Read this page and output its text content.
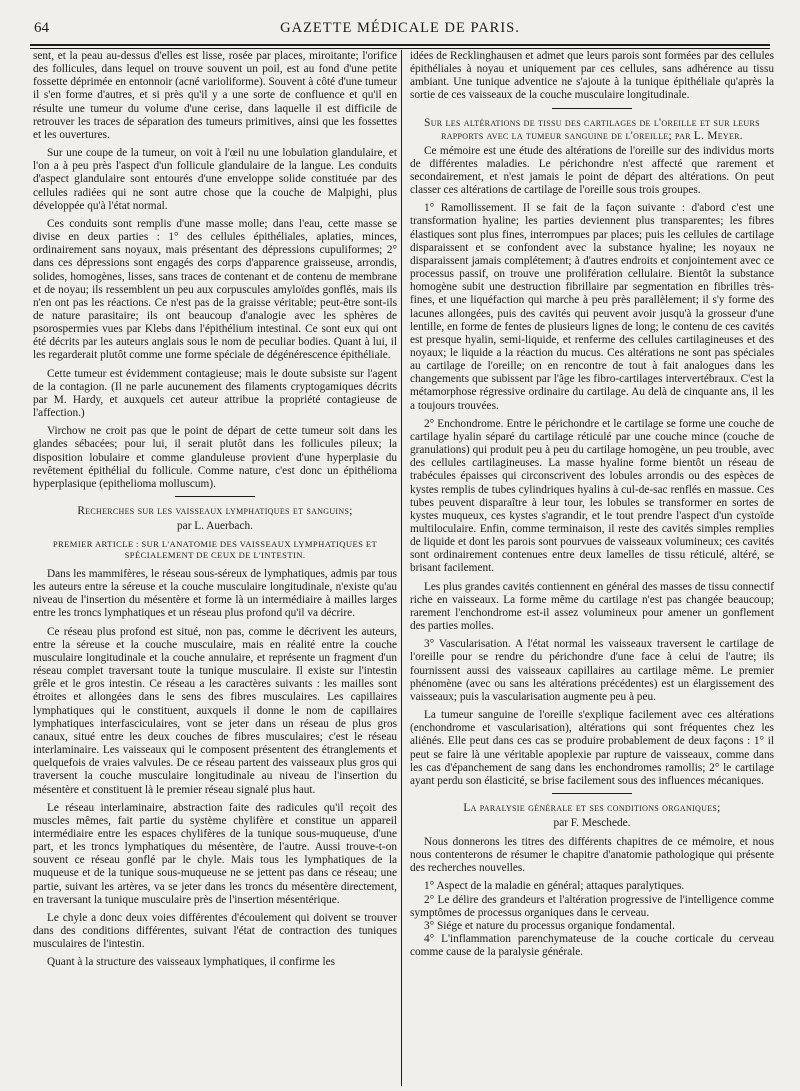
64	GAZETTE MÉDICALE DE PARIS.

sent, et la peau au-dessus d'elles est lisse, rosée par places, miroitante; l'orifice des follicules, dans lequel on trouve souvent un poil, est au fond d'une petite fossette déprimée en entonnoir (acné varioliforme). Souvent à côté d'une tumeur il s'en forme d'autres, et si près qu'il y a une sorte de confluence et qu'il en résulte une tumeur du volume d'une cerise, dans laquelle il est difficile de retrouver les traces de séparation des tumeurs primitives, ainsi que les fossettes et les ouvertures.

Sur une coupe de la tumeur, on voit à l'œil nu une lobulation glandulaire, et l'on a à peu près l'aspect d'un follicule glandulaire de la langue. Les conduits d'aspect glandulaire sont entourés d'une enveloppe solide constituée par des cellules radiées qui ne sont autre chose que la couche de Malpighi, plus développée qu'à l'état normal.

Ces conduits sont remplis d'une masse molle; dans l'eau, cette masse se divise en deux parties : 1° des cellules épithéliales, aplaties, minces, ordinairement sans noyaux, mais présentant des dépressions cupuliformes; 2° dans ces dépressions sont engagés des corps d'apparence graisseuse, arrondis, solides, homogènes, lisses, sans traces de contenant et de contenu de membrane et de noyau; ils ressemblent un peu aux corpuscules amyloïdes gonflés, mais ils n'en ont pas les réactions. Ce n'est pas de la graisse véritable; peut-être sont-ils de nature parasitaire; ils ont beaucoup d'analogie avec les sphères de psorospermies vues par Klebs dans l'épithélium intestinal. Ce sont eux qui ont été décrits par les auteurs anglais sous le nom de peculiar bodies. Quant à lui, il les regarderait plutôt comme une forme spéciale de dégénérescence épithéliale.

Cette tumeur est évidemment contagieuse; mais le doute subsiste sur l'agent de la contagion. (Il ne parle aucunement des filaments cryptogamiques décrits par M. Hardy, et auxquels cet auteur attribue la propriété contagieuse de l'affection.)

Virchow ne croit pas que le point de départ de cette tumeur soit dans les glandes sébacées; pour lui, il serait plutôt dans les follicules pileux; la disposition lobulaire et comme glanduleuse provient d'une hyperplasie du revêtement épithélial du follicule. Comme nature, c'est donc un épithélioma hyperplasique (epithelioma molluscum).

Recherches sur les vaisseaux lymphatiques et sanguins;
par L. Auerbach.
PREMIER ARTICLE : SUR L'ANATOMIE DES VAISSEAUX LYMPHATIQUES ET SPÉCIALEMENT DE CEUX DE L'INTESTIN.

Dans les mammifères, le réseau sous-séreux de lymphatiques, admis par tous les auteurs entre la séreuse et la couche musculaire longitudinale, n'existe qu'au niveau de l'insertion du mésentère et forme là un intermédiaire à mailles larges entre les troncs lymphatiques et un réseau plus profond qu'il va décrire.

Ce réseau plus profond est situé, non pas, comme le décrivent les auteurs, entre la séreuse et la couche musculaire, mais en réalité entre la couche musculaire longitudinale et la couche annulaire, et représente un fragment d'un réseau complet traversant toute la tunique musculaire. Il existe sur l'intestin grêle et le gros intestin. Ce réseau a les caractères suivants : les mailles sont étroites et allongées dans le sens des fibres musculaires. Les capillaires lymphatiques qui le constituent, auxquels il donne le nom de capillaires lymphatiques interfasciculaires, vont se jeter dans un réseau de plus gros canaux, situé entre les deux couches de fibres musculaires; c'est le réseau interlaminaire. Les vaisseaux qui le composent présentent des étranglements et quelquefois de vraies valvules. De ce réseau partent des vaisseaux plus gros qui traversent la couche musculaire longitudinale au niveau de l'insertion du mésentère et constituent là le premier réseau signalé plus haut.

Le réseau interlaminaire, abstraction faite des radicules qu'il reçoit des muscles mêmes, fait partie du système chylifère et constitue un appareil intermédiaire entre les espaces chylifères de la tunique sous-muqueuse, d'une part, et les troncs lymphatiques du mésentère, de l'autre. Aussi trouve-t-on souvent ce réseau gonflé par le chyle. Mais tous les lymphatiques de la muqueuse et de la tunique sous-muqueuse ne se jettent pas dans ce réseau; une partie, suivant les artères, va se jeter dans les troncs du mésentère directement, en traversant la tunique musculaire près de l'insertion mésentérique.

Le chyle a donc deux voies différentes d'écoulement qui doivent se trouver dans des conditions différentes, suivant l'état de contraction des tuniques musculaires de l'intestin.

Quant à la structure des vaisseaux lymphatiques, il confirme les

idées de Recklinghausen et admet que leurs parois sont formées par des cellules épithéliales à noyau et uniquement par ces cellules, sans adhérence au tissu ambiant. Une tunique adventice ne s'ajoute à la tunique épithéliale qu'après la sortie de ces vaisseaux de la couche musculaire longitudinale.

Sur les altérations de tissu des cartilages de l'oreille et sur leurs rapports avec la tumeur sanguine de l'oreille; par L. Meyer.

Ce mémoire est une étude des altérations de l'oreille sur des individus morts de différentes maladies. Le périchondre n'est affecté que rarement et secondairement, et n'est jamais le point de départ des altérations. On peut classer ces altérations de cartilage de l'oreille sous trois groupes.

1° Ramollissement. Il se fait de la façon suivante : d'abord c'est une transformation hyaline; les parties deviennent plus transparentes; les fibres élastiques sont plus fines, interrompues par places; puis les cellules de cartilage disparaissent et se confondent avec la substance hyaline; les noyaux ne disparaissent jamais complétement; à d'autres endroits et conjointement avec ce processus passif, on trouve une prolifération cellulaire. Bientôt la substance homogène subit une destruction fibrillaire par segmentation en fibrilles très-fines, et une liquéfaction qui marche à peu près parallèlement; il s'y forme des lacunes allongées, puis des cavités qui peuvent avoir jusqu'à la grosseur d'une lentille, en forme de fentes de plusieurs lignes de long; le contenu de ces cavités est presque hyalin, semi-liquide, et renferme des cellules cartilagineuses et des noyaux; le liquide a la réaction du mucus. Ces altérations ne sont pas spéciales au cartilage de l'oreille; on en rencontre de tout à fait analogues dans les changements que subissent par l'âge les fibro-cartilages intervertébraux. C'est la métamorphose régressive ordinaire du cartilage. Au delà de cinquante ans, il les a toujours trouvées.

2° Enchondrome. Entre le périchondre et le cartilage se forme une couche de cartilage hyalin séparé du cartilage réticulé par une couche mince (couche de granulations) qui produit peu à peu du cartilage homogène, un peu trouble, avec des cellules cartilagineuses. La masse hyaline forme bientôt un réseau de trabécules épaisses qui circonscrivent des lobules arrondis ou des espèces de kystes remplis de tubes cylindriques hyalins à cul-de-sac renflés en massue. Ces tubes peuvent disparaître à leur tour, les lobules se transformer en sortes de kystes muqueux, ces kystes s'agrandir, et le tout prendre l'aspect d'un cystoïde multiloculaire. Enfin, comme terminaison, il reste des cavités simples remplies de liquide et dont les parois sont pourvues de vaisseaux volumineux; ces cavités sont ordinairement contenues entre deux lamelles de tissu réticulé, altéré, se brisant facilement.

Les plus grandes cavités contiennent en général des masses de tissu connectif riche en vaisseaux. La forme même du cartilage n'est pas changée beaucoup; rarement l'enchondrome est-il assez volumineux pour amener un gonflement des parties molles.

3° Vascularisation. A l'état normal les vaisseaux traversent le cartilage de l'oreille pour se rendre du périchondre d'une face à celui de l'autre; ils fournissent aussi des vaisseaux capillaires au cartilage même. Le premier phénomène (avec ou sans les altérations précédentes) est un élargissement des vaisseaux; puis la vascularisation augmente peu à peu.

La tumeur sanguine de l'oreille s'explique facilement avec ces altérations (enchondrome et vascularisation), altérations qui sont fréquentes chez les aliénés. Elle peut dans ces cas se produire probablement de deux façons : 1° il peut se faire là une véritable apoplexie par rupture de vaisseaux, comme dans les cas d'épanchement de sang dans les enchondromes ramollis; 2° le cartilage ayant perdu son élasticité, se brise facilement sous des influences mécaniques.

La paralysie générale et ses conditions organiques;
par F. Meschede.

Nous donnerons les titres des différents chapitres de ce mémoire, et nous nous contenterons de résumer le chapitre d'anatomie pathologique qui présente des recherches nouvelles.

1° Aspect de la maladie en général; attaques paralytiques.

2° Le délire des grandeurs et l'altération progressive de l'intelligence comme symptômes de processus organiques dans le cerveau.

3° Siége et nature du processus organique fondamental.

4° L'inflammation parenchymateuse de la couche corticale du cerveau comme cause de la paralysie générale.
